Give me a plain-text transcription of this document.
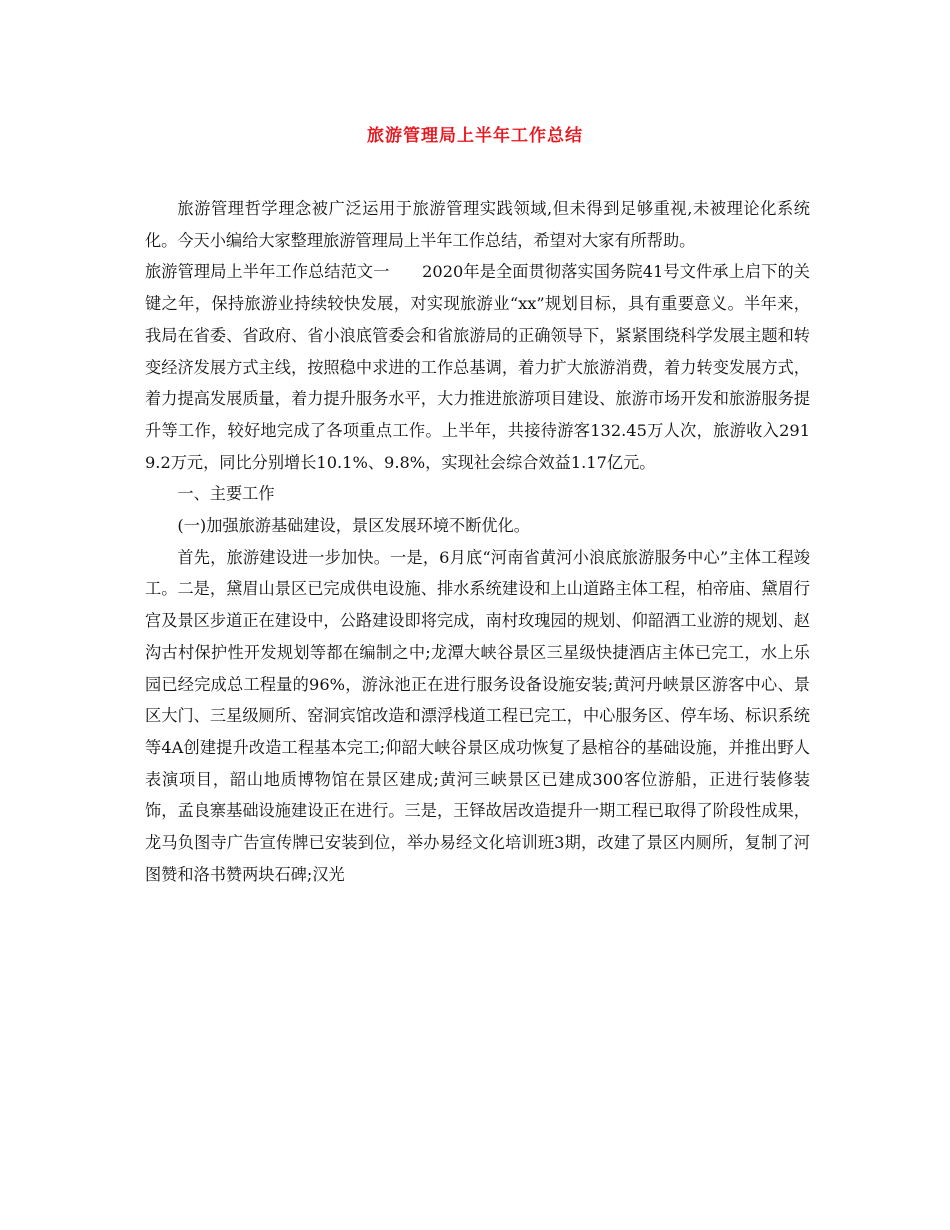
旅游管理局上半年工作总结

旅游管理哲学理念被广泛运用于旅游管理实践领域,但未得到足够重视,未被理论化系统化。今天小编给大家整理旅游管理局上半年工作总结，希望对大家有所帮助。

旅游管理局上半年工作总结范文一　　2020年是全面贯彻落实国务院41号文件承上启下的关键之年，保持旅游业持续较快发展，对实现旅游业“xx”规划目标，具有重要意义。半年来，我局在省委、省政府、省小浪底管委会和省旅游局的正确领导下，紧紧围绕科学发展主题和转变经济发展方式主线，按照稳中求进的工作总基调，着力扩大旅游消费，着力转变发展方式，着力提高发展质量，着力提升服务水平，大力推进旅游项目建设、旅游市场开发和旅游服务提升等工作，较好地完成了各项重点工作。上半年，共接待游客132.45万人次，旅游收入2919.2万元，同比分别增长10.1%、9.8%，实现社会综合效益1.17亿元。

一、主要工作

(一)加强旅游基础建设，景区发展环境不断优化。

首先，旅游建设进一步加快。一是，6月底“河南省黄河小浪底旅游服务中心”主体工程竣工。二是，黛眉山景区已完成供电设施、排水系统建设和上山道路主体工程，柏帝庙、黛眉行宫及景区步道正在建设中，公路建设即将完成，南村玫瑰园的规划、仰韶酒工业游的规划、赵沟古村保护性开发规划等都在编制之中;龙潭大峡谷景区三星级快捷酒店主体已完工，水上乐园已经完成总工程量的96%，游泳池正在进行服务设备设施安装;黄河丹峡景区游客中心、景区大门、三星级厕所、窑洞宾馆改造和漂浮栈道工程已完工，中心服务区、停车场、标识系统等4A创建提升改造工程基本完工;仰韶大峡谷景区成功恢复了悬棺谷的基础设施，并推出野人表演项目，韶山地质博物馆在景区建成;黄河三峡景区已建成300客位游船，正进行装修装饰，孟良寨基础设施建设正在进行。三是，王铎故居改造提升一期工程已取得了阶段性成果，龙马负图寺广告宣传牌已安装到位，举办易经文化培训班3期，改建了景区内厕所，复制了河图赞和洛书赞两块石碑;汉光
